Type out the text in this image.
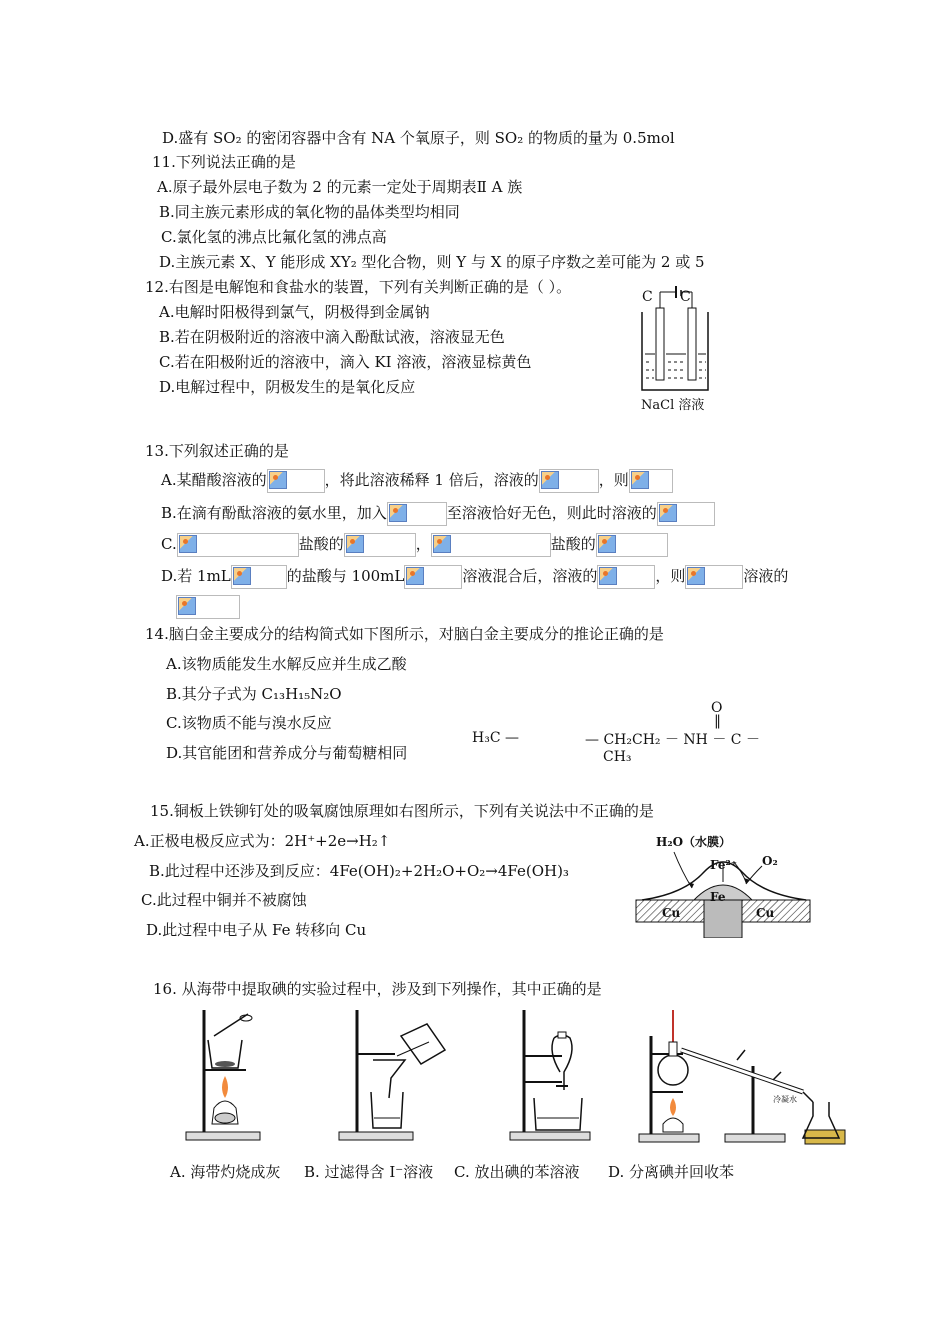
D.盛有 SO₂ 的密闭容器中含有 NA 个氧原子，则 SO₂ 的物质的量为 0.5mol
11.下列说法正确的是
A.原子最外层电子数为 2 的元素一定处于周期表Ⅱ A 族
B.同主族元素形成的氧化物的晶体类型均相同
C.氯化氢的沸点比氟化氢的沸点高
D.主族元素 X、Y 能形成 XY₂ 型化合物，则 Y 与 X 的原子序数之差可能为 2 或 5
12.右图是电解饱和食盐水的装置，下列有关判断正确的是（ ）。
A.电解时阳极得到氯气，阴极得到金属钠
B.若在阴极附近的溶液中滴入酚酞试液，溶液显无色
C.若在阳极附近的溶液中，滴入 KI 溶液，溶液显棕黄色
D.电解过程中，阴极发生的是氧化反应
C C
NaCl 溶液
13.下列叙述正确的是
A.某醋酸溶液的	，将此溶液稀释 1 倍后，溶液的	，则
B.在滴有酚酞溶液的氨水里，加入	至溶液恰好无色，则此时溶液的
C.	盐酸的	，	盐酸的
D.若 1mL	的盐酸与 100mL	溶液混合后，溶液的	，则	溶液的
14.脑白金主要成分的结构简式如下图所示，对脑白金主要成分的推论正确的是
A.该物质能发生水解反应并生成乙酸
B.其分子式为 C₁₃H₁₅N₂O
C.该物质不能与溴水反应
D.其官能团和营养成分与葡萄糖相同
H₃C —	— CH₂CH₂ － NH － C －
O
‖
CH₃
15.铜板上铁铆钉处的吸氧腐蚀原理如右图所示，下列有关说法中不正确的是
A.正极电极反应式为：2H⁺+2e→H₂↑
B.此过程中还涉及到反应：4Fe(OH)₂+2H₂O+O₂→4Fe(OH)₃
C.此过程中铜并不被腐蚀
D.此过程中电子从 Fe 转移向 Cu
H₂O（水膜）
Fe²⁺ O₂
Fe
Cu	Cu
16. 从海带中提取碘的实验过程中，涉及到下列操作，其中正确的是
冷凝水
A. 海带灼烧成灰 B. 过滤得含 I⁻溶液 C. 放出碘的苯溶液 D. 分离碘并回收苯
